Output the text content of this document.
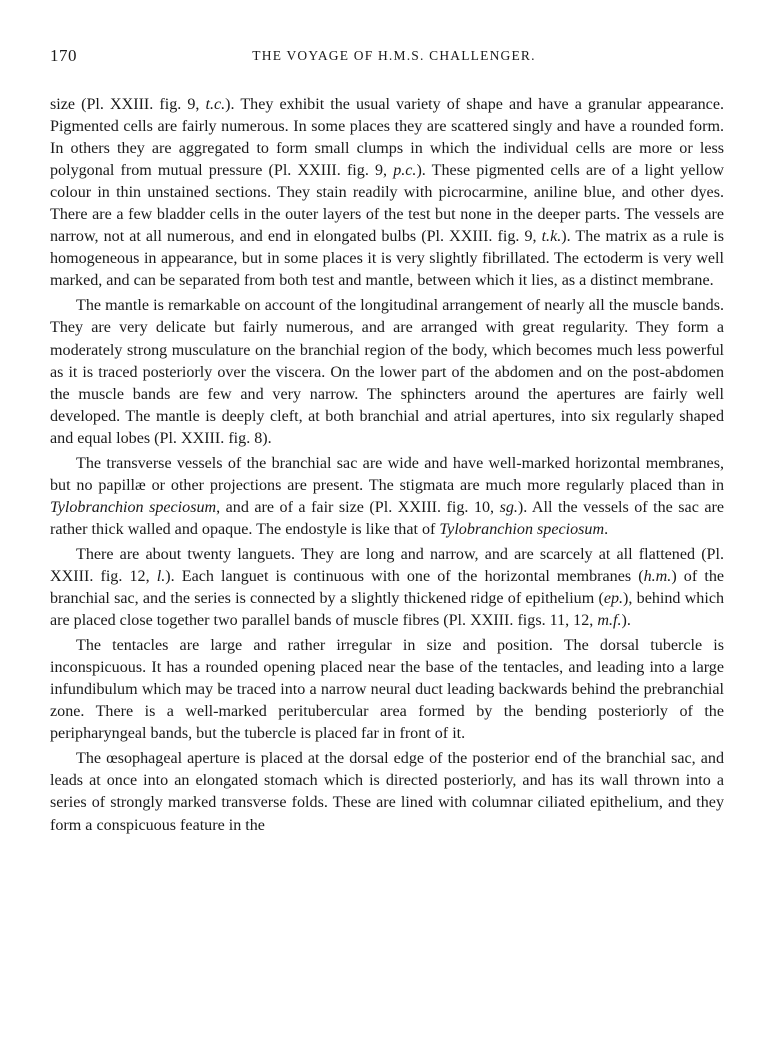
170	THE VOYAGE OF H.M.S. CHALLENGER.

size (Pl. XXIII. fig. 9, t.c.). They exhibit the usual variety of shape and have a granular appearance. Pigmented cells are fairly numerous. In some places they are scattered singly and have a rounded form. In others they are aggregated to form small clumps in which the individual cells are more or less polygonal from mutual pressure (Pl. XXIII. fig. 9, p.c.). These pigmented cells are of a light yellow colour in thin unstained sections. They stain readily with picrocarmine, aniline blue, and other dyes. There are a few bladder cells in the outer layers of the test but none in the deeper parts. The vessels are narrow, not at all numerous, and end in elongated bulbs (Pl. XXIII. fig. 9, t.k.). The matrix as a rule is homogeneous in appearance, but in some places it is very slightly fibrillated. The ectoderm is very well marked, and can be separated from both test and mantle, between which it lies, as a distinct membrane.

The mantle is remarkable on account of the longitudinal arrangement of nearly all the muscle bands. They are very delicate but fairly numerous, and are arranged with great regularity. They form a moderately strong musculature on the branchial region of the body, which becomes much less powerful as it is traced posteriorly over the viscera. On the lower part of the abdomen and on the post-abdomen the muscle bands are few and very narrow. The sphincters around the apertures are fairly well developed. The mantle is deeply cleft, at both branchial and atrial apertures, into six regularly shaped and equal lobes (Pl. XXIII. fig. 8).

The transverse vessels of the branchial sac are wide and have well-marked horizontal membranes, but no papillæ or other projections are present. The stigmata are much more regularly placed than in Tylobranchion speciosum, and are of a fair size (Pl. XXIII. fig. 10, sg.). All the vessels of the sac are rather thick walled and opaque. The endostyle is like that of Tylobranchion speciosum.

There are about twenty languets. They are long and narrow, and are scarcely at all flattened (Pl. XXIII. fig. 12, l.). Each languet is continuous with one of the horizontal membranes (h.m.) of the branchial sac, and the series is connected by a slightly thickened ridge of epithelium (ep.), behind which are placed close together two parallel bands of muscle fibres (Pl. XXIII. figs. 11, 12, m.f.).

The tentacles are large and rather irregular in size and position. The dorsal tubercle is inconspicuous. It has a rounded opening placed near the base of the tentacles, and leading into a large infundibulum which may be traced into a narrow neural duct leading backwards behind the prebranchial zone. There is a well-marked peritubercular area formed by the bending posteriorly of the peripharyngeal bands, but the tubercle is placed far in front of it.

The œsophageal aperture is placed at the dorsal edge of the posterior end of the branchial sac, and leads at once into an elongated stomach which is directed posteriorly, and has its wall thrown into a series of strongly marked transverse folds. These are lined with columnar ciliated epithelium, and they form a conspicuous feature in the
